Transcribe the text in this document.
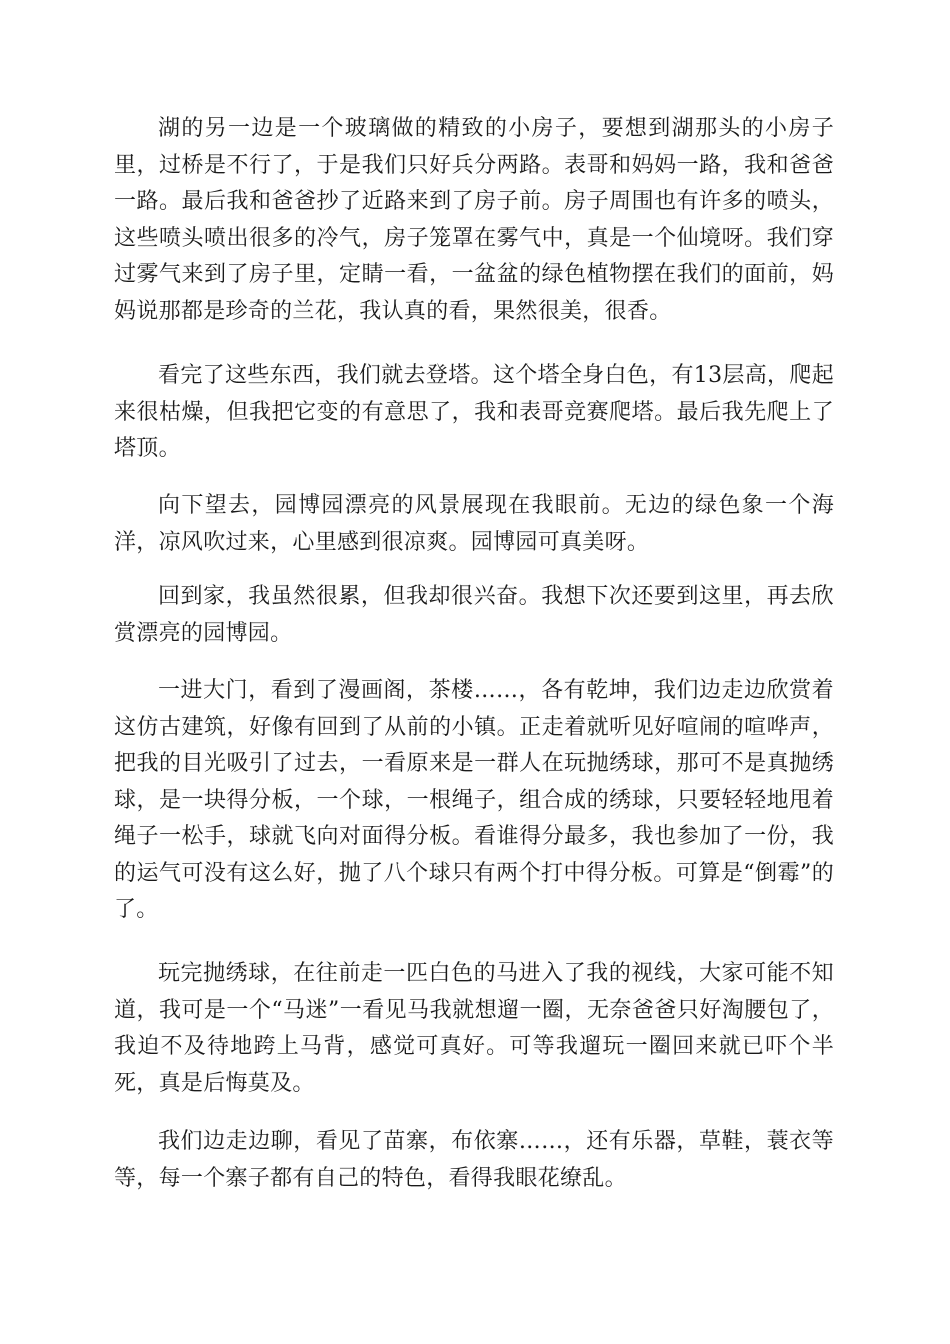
湖的另一边是一个玻璃做的精致的小房子，要想到湖那头的小房子里，过桥是不行了，于是我们只好兵分两路。表哥和妈妈一路，我和爸爸一路。最后我和爸爸抄了近路来到了房子前。房子周围也有许多的喷头，这些喷头喷出很多的冷气，房子笼罩在雾气中，真是一个仙境呀。我们穿过雾气来到了房子里，定睛一看，一盆盆的绿色植物摆在我们的面前，妈妈说那都是珍奇的兰花，我认真的看，果然很美，很香。

看完了这些东西，我们就去登塔。这个塔全身白色，有13层高，爬起来很枯燥，但我把它变的有意思了，我和表哥竞赛爬塔。最后我先爬上了塔顶。

向下望去，园博园漂亮的风景展现在我眼前。无边的绿色象一个海洋，凉风吹过来，心里感到很凉爽。园博园可真美呀。

回到家，我虽然很累，但我却很兴奋。我想下次还要到这里，再去欣赏漂亮的园博园。

一进大门，看到了漫画阁，茶楼……，各有乾坤，我们边走边欣赏着这仿古建筑，好像有回到了从前的小镇。正走着就听见好喧闹的喧哗声，把我的目光吸引了过去，一看原来是一群人在玩抛绣球，那可不是真抛绣球，是一块得分板，一个球，一根绳子，组合成的绣球，只要轻轻地甩着绳子一松手，球就飞向对面得分板。看谁得分最多，我也参加了一份，我的运气可没有这么好，抛了八个球只有两个打中得分板。可算是“倒霉”的了。

玩完抛绣球，在往前走一匹白色的马进入了我的视线，大家可能不知道，我可是一个“马迷”一看见马我就想遛一圈，无奈爸爸只好淘腰包了，我迫不及待地跨上马背，感觉可真好。可等我遛玩一圈回来就已吓个半死，真是后悔莫及。

我们边走边聊，看见了苗寨，布依寨……，还有乐器，草鞋，蓑衣等等，每一个寨子都有自己的特色，看得我眼花缭乱。
